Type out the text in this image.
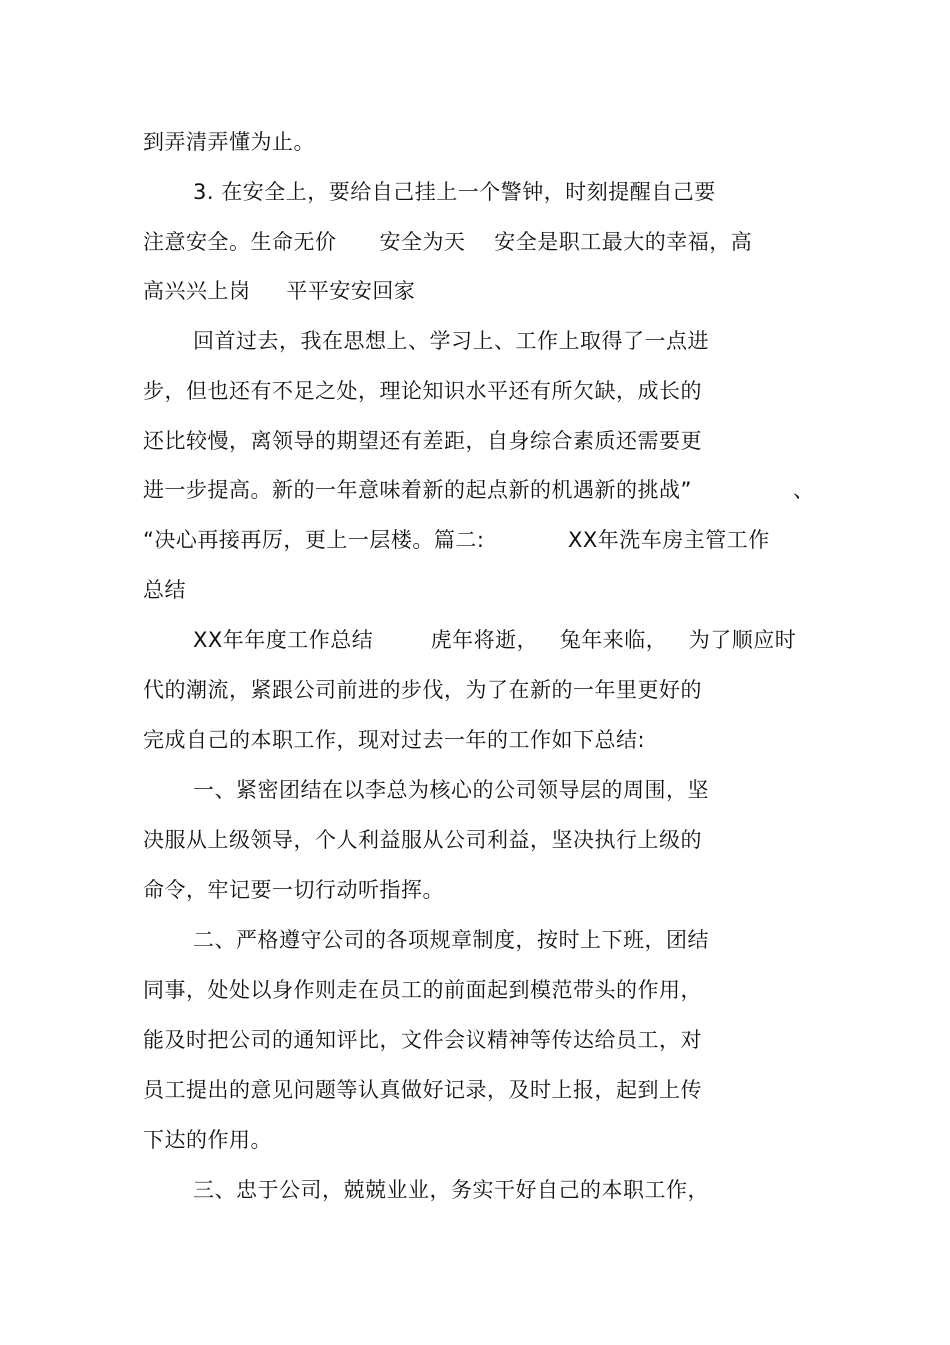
到弄清弄懂为止。
3. 在安全上，要给自己挂上一个警钟，时刻提醒自己要
注意安全。生命无价      安全为天    安全是职工最大的幸福，高
高兴兴上岗     平平安安回家
回首过去，我在思想上、学习上、工作上取得了一点进
步，但也还有不足之处，理论知识水平还有所欠缺，成长的
还比较慢，离领导的期望还有差距，自身综合素质还需要更
进一步提高。新的一年意味着新的起点新的机遇新的挑战”	、
“决心再接再厉，更上一层楼。篇二:	XX年洗车房主管工作
总结
XX年年度工作总结        虎年将逝，   兔年来临，   为了顺应时
代的潮流，紧跟公司前进的步伐，为了在新的一年里更好的
完成自己的本职工作，现对过去一年的工作如下总结:
一、紧密团结在以李总为核心的公司领导层的周围，坚
决服从上级领导，个人利益服从公司利益，坚决执行上级的
命令，牢记要一切行动听指挥。
二、严格遵守公司的各项规章制度，按时上下班，团结
同事，处处以身作则走在员工的前面起到模范带头的作用，
能及时把公司的通知评比，文件会议精神等传达给员工，对
员工提出的意见问题等认真做好记录，及时上报，起到上传
下达的作用。
三、忠于公司，兢兢业业，务实干好自己的本职工作，
